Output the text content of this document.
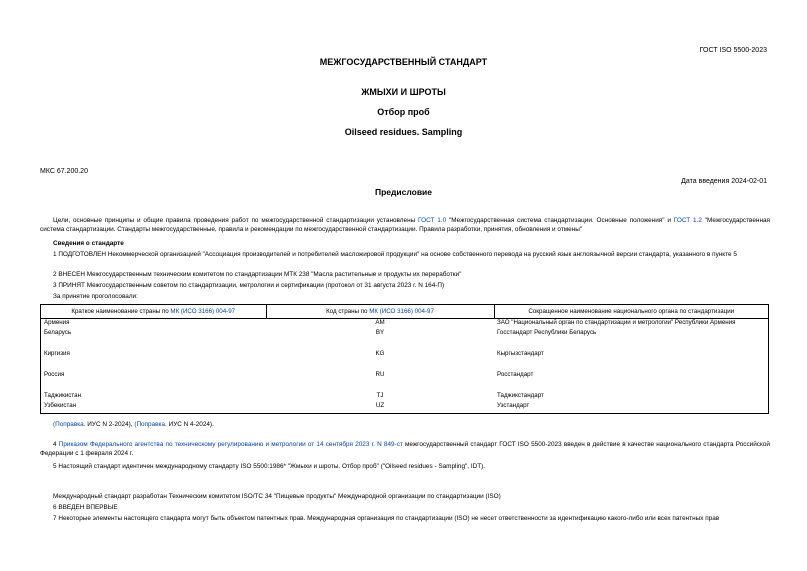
ГОСТ ISO 5500-2023
МЕЖГОСУДАРСТВЕННЫЙ СТАНДАРТ
ЖМЫХИ И ШРОТЫ
Отбор проб
Oilseed residues. Sampling
МКС 67.200.20
Дата введения 2024-02-01
Предисловие
Цели, основные принципы и общие правила проведения работ по межгосударственной стандартизации установлены ГОСТ 1.0 "Межгосударственная система стандартизации. Основные положения" и ГОСТ 1.2 "Межгосударственная система стандартизации. Стандарты межгосударственные, правила и рекомендации по межгосударственной стандартизации. Правила разработки, принятия, обновления и отмены"
Сведения о стандарте
1 ПОДГОТОВЛЕН Некоммерческой организацией "Ассоциация производителей и потребителей масложировой продукции" на основе собственного перевода на русский язык англоязычной версии стандарта, указанного в пункте 5
2 ВНЕСЕН Межгосударственным техническим комитетом по стандартизации МТК 238 "Масла растительные и продукты их переработки"
3 ПРИНЯТ Межгосударственным советом по стандартизации, метрологии и сертификации (протокол от 31 августа 2023 г. N 164-П)
За принятие проголосовали:
Краткое наименование страны по МК (ИСО 3166) 004-97	Код страны по МК (ИСО 3166) 004-97	Сокращенное наименование национального органа по стандартизации
Армения	AM	ЗАО "Национальный орган по стандартизации и метрологии" Республики Армения
Беларусь	BY	Госстандарт Республики Беларусь
Киргизия	KG	Кыргызстандарт
Россия	RU	Росстандарт
Таджикистан	TJ	Таджикстандарт
Узбекистан	UZ	Узстандарт
(Поправка. ИУС N 2-2024), (Поправка. ИУС N 4-2024).
4 Приказом Федерального агентства по техническому регулированию и метрологии от 14 сентября 2023 г. N 849-ст межгосударственный стандарт ГОСТ ISO 5500-2023 введен в действие в качестве национального стандарта Российской Федерации с 1 февраля 2024 г.
5 Настоящий стандарт идентичен международному стандарту ISO 5500:1986* "Жмыхи и шроты. Отбор проб" ("Oilseed residues - Sampling", IDT).
Международный стандарт разработан Техническим комитетом ISO/TC 34 "Пищевые продукты" Международной организации по стандартизации (ISO)
6 ВВЕДЕН ВПЕРВЫЕ
7 Некоторые элементы настоящего стандарта могут быть объектом патентных прав. Международная организация по стандартизации (ISO) не несет ответственности за идентификацию какого-либо или всех патентных прав
